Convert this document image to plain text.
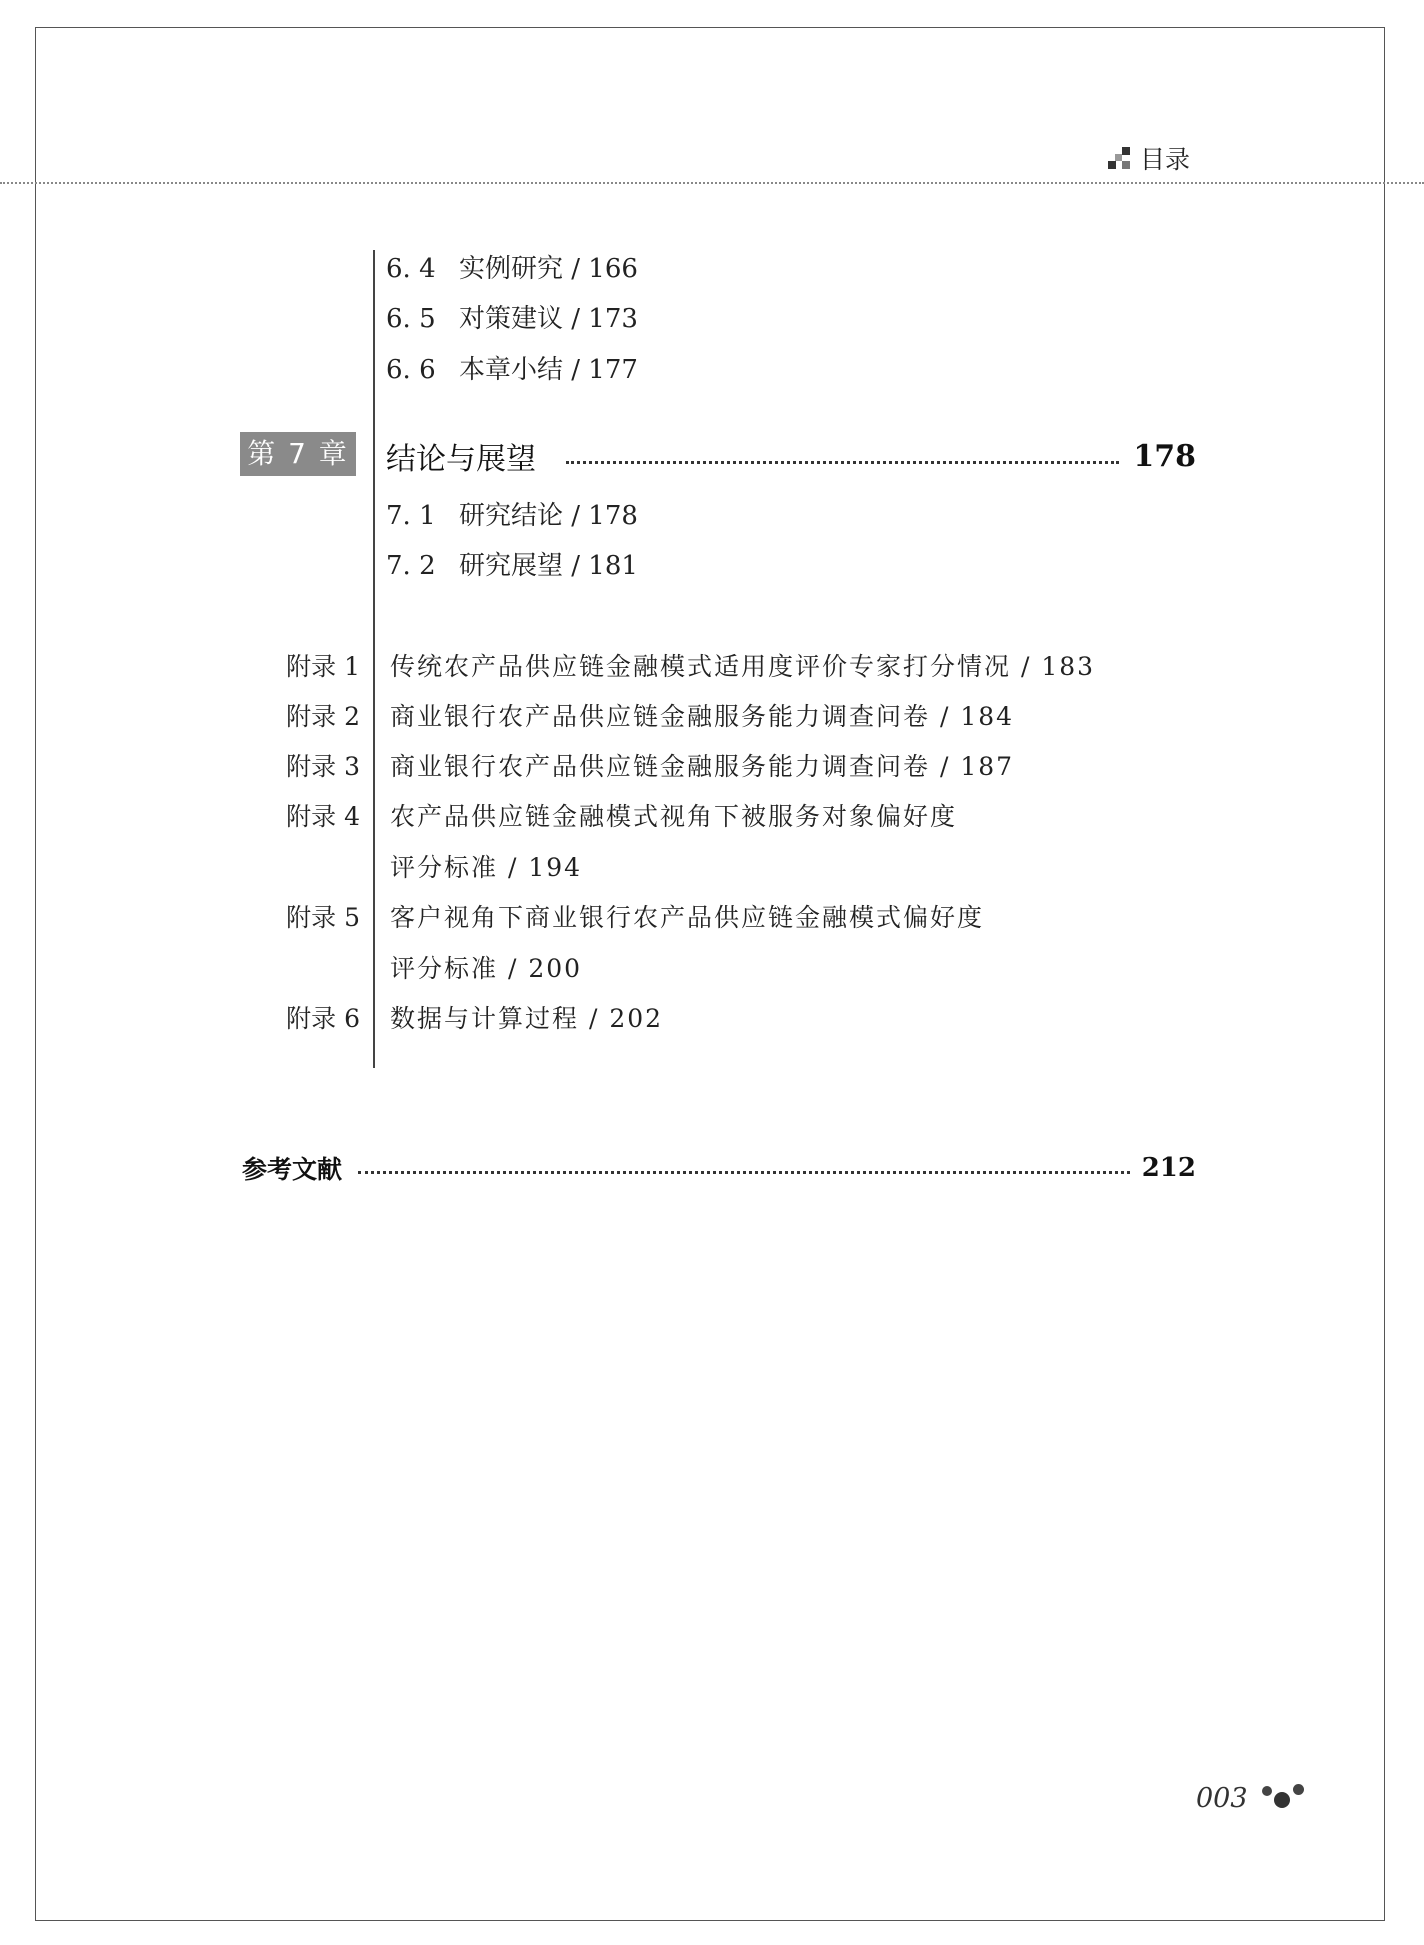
目录
6. 4 实例研究 / 166
6. 5 对策建议 / 173
6. 6 本章小结 / 177
第 7 章 结论与展望	178
7. 1 研究结论 / 178
7. 2 研究展望 / 181
附录 1 传统农产品供应链金融模式适用度评价专家打分情况 / 183
附录 2 商业银行农产品供应链金融服务能力调查问卷 / 184
附录 3 商业银行农产品供应链金融服务能力调查问卷 / 187
附录 4 农产品供应链金融模式视角下被服务对象偏好度
评分标准 / 194
附录 5 客户视角下商业银行农产品供应链金融模式偏好度
评分标准 / 200
附录 6 数据与计算过程 / 202
参考文献	212
003
